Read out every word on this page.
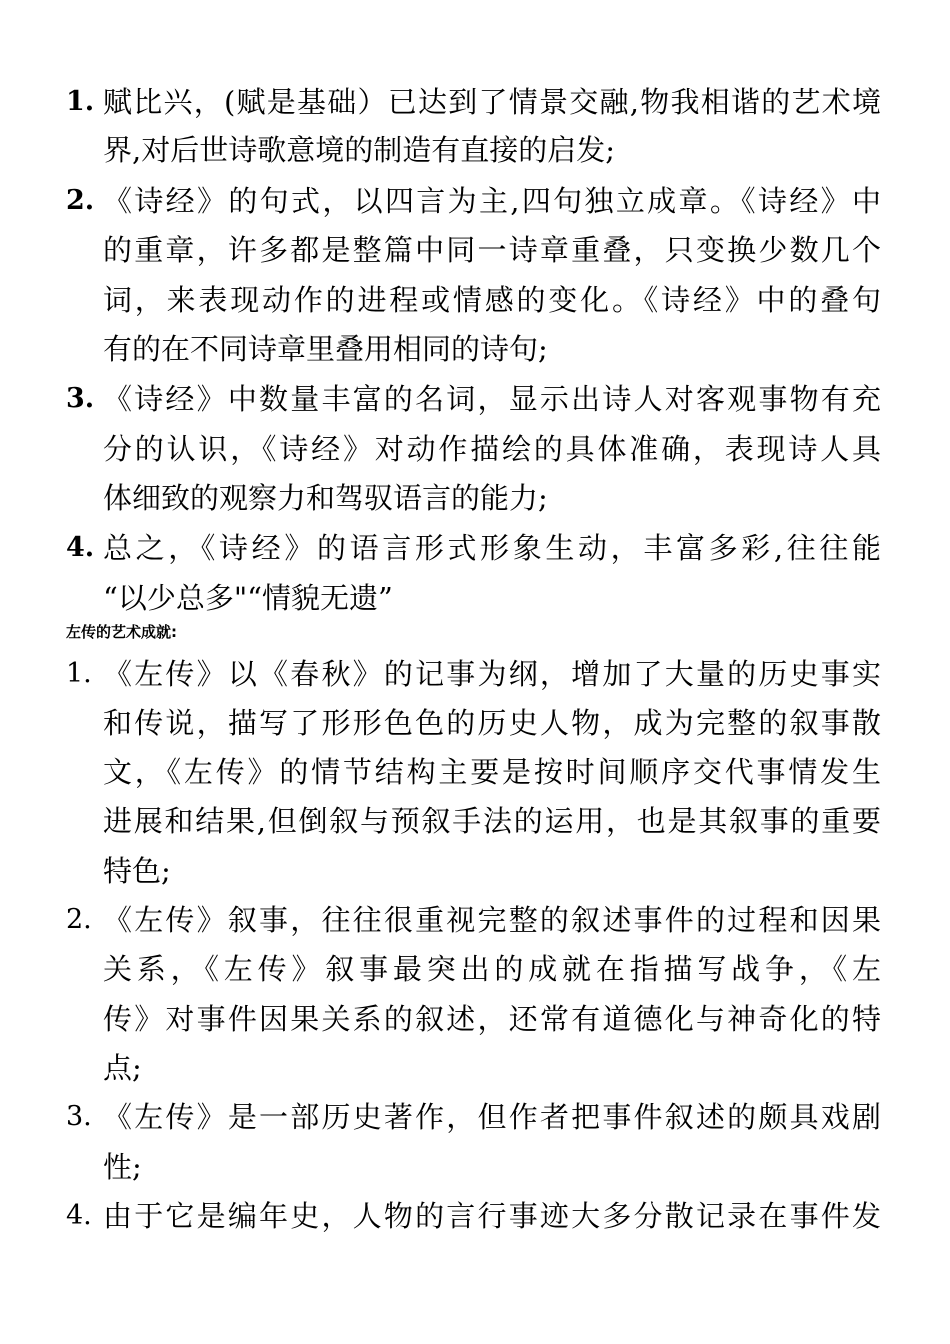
1. 赋比兴，(赋是基础）已达到了情景交融,物我相谐的艺术境
界,对后世诗歌意境的制造有直接的启发;
2. 《诗经》的句式，以四言为主,四句独立成章。《诗经》中
的重章，许多都是整篇中同一诗章重叠，只变换少数几个
词，来表现动作的进程或情感的变化。《诗经》中的叠句
有的在不同诗章里叠用相同的诗句;
3. 《诗经》中数量丰富的名词，显示出诗人对客观事物有充
分的认识，《诗经》对动作描绘的具体准确，表现诗人具
体细致的观察力和驾驭语言的能力;
4. 总之，《诗经》的语言形式形象生动，丰富多彩,往往能
“以少总多"“情貌无遗”
左传的艺术成就:
1. 《左传》以《春秋》的记事为纲，增加了大量的历史事实
和传说，描写了形形色色的历史人物，成为完整的叙事散
文，《左传》的情节结构主要是按时间顺序交代事情发生
进展和结果,但倒叙与预叙手法的运用，也是其叙事的重要
特色;
2. 《左传》叙事，往往很重视完整的叙述事件的过程和因果
关系，《左传》叙事最突出的成就在指描写战争，《左
传》对事件因果关系的叙述，还常有道德化与神奇化的特
点;
3. 《左传》是一部历史著作，但作者把事件叙述的颇具戏剧
性;
4. 由于它是编年史，人物的言行事迹大多分散记录在事件发
